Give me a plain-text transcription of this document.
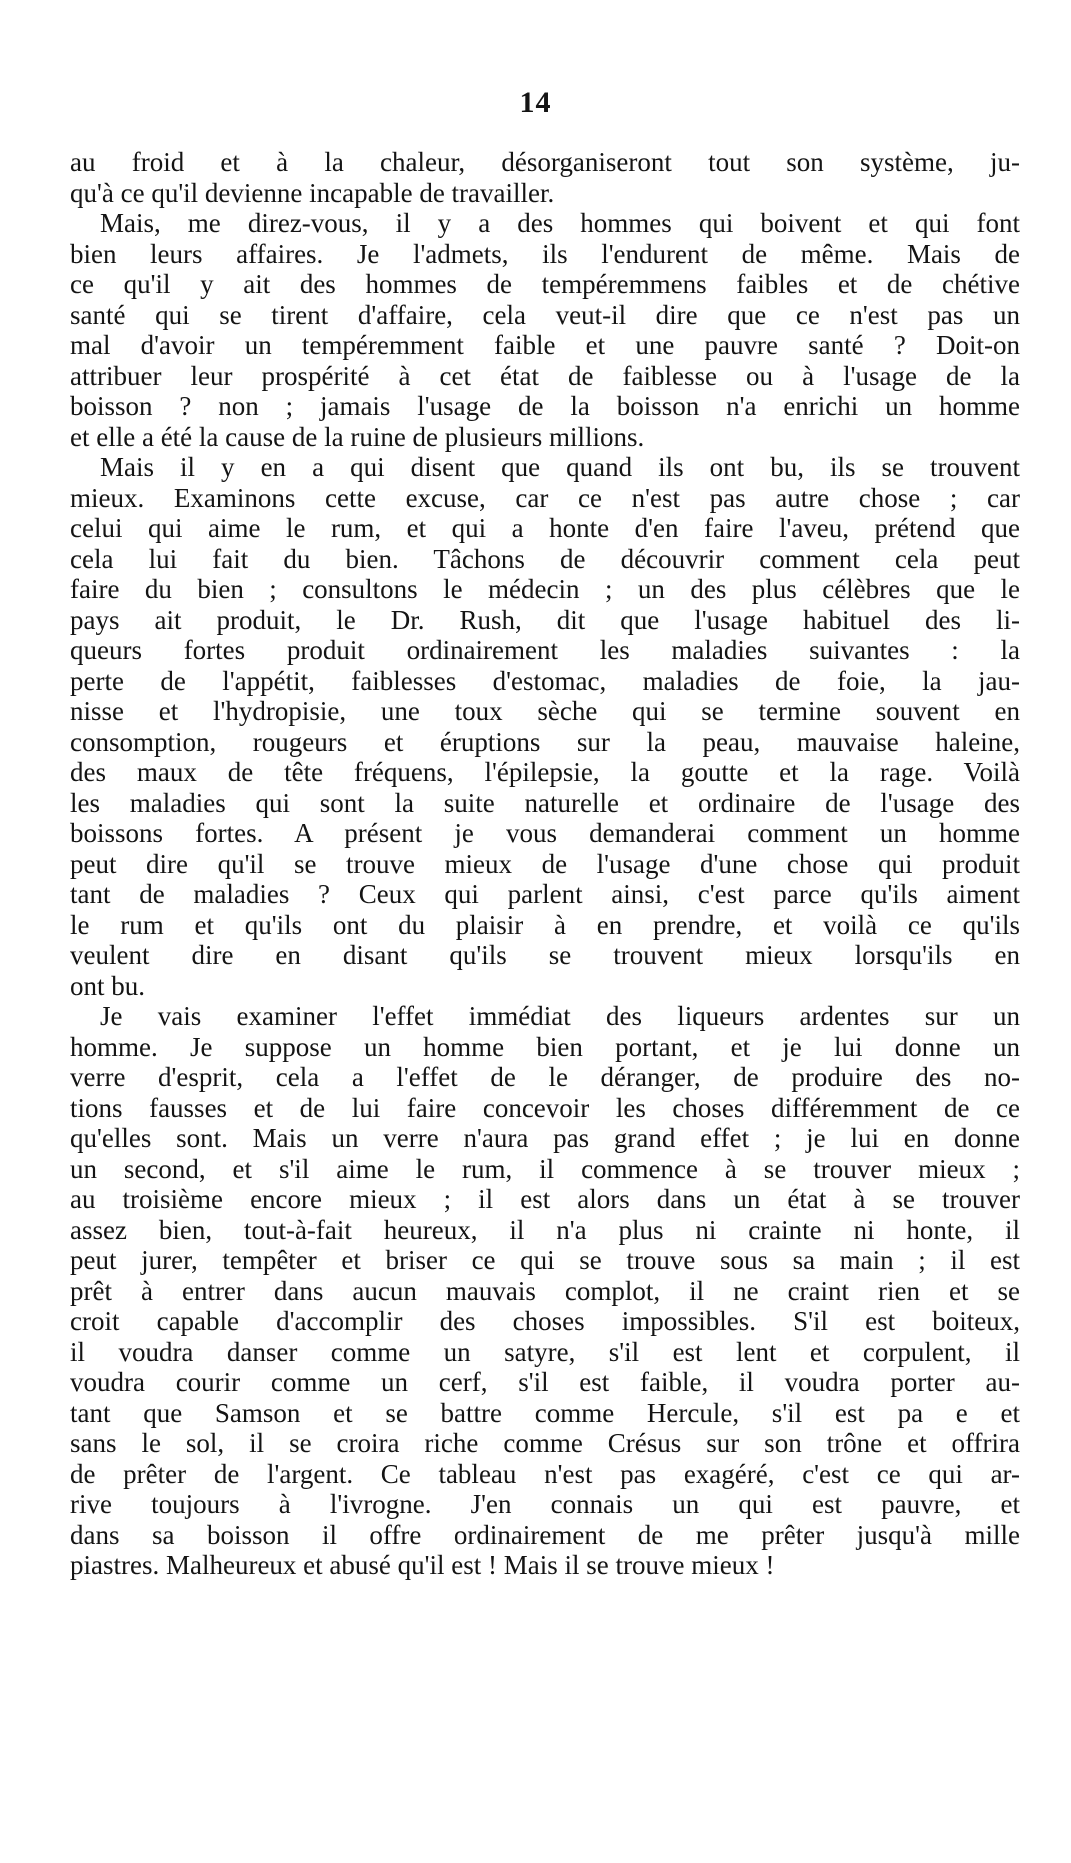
14
au froid et à la chaleur, désorganiseront tout son système, ju-
qu'à ce qu'il devienne incapable de travailler.
Mais, me direz-vous, il y a des hommes qui boivent et qui font
bien leurs affaires. Je l'admets, ils l'endurent de même. Mais de
ce qu'il y ait des hommes de tempéremmens faibles et de chétive
santé qui se tirent d'affaire, cela veut-il dire que ce n'est pas un
mal d'avoir un tempéremment faible et une pauvre santé ? Doit-on
attribuer leur prospérité à cet état de faiblesse ou à l'usage de la
boisson ? non ; jamais l'usage de la boisson n'a enrichi un homme
et elle a été la cause de la ruine de plusieurs millions.
Mais il y en a qui disent que quand ils ont bu, ils se trouvent
mieux. Examinons cette excuse, car ce n'est pas autre chose ; car
celui qui aime le rum, et qui a honte d'en faire l'aveu, prétend que
cela lui fait du bien. Tâchons de découvrir comment cela peut
faire du bien ; consultons le médecin ; un des plus célèbres que le
pays ait produit, le Dr. Rush, dit que l'usage habituel des li-
queurs fortes produit ordinairement les maladies suivantes : la
perte de l'appétit, faiblesses d'estomac, maladies de foie, la jau-
nisse et l'hydropisie, une toux sèche qui se termine souvent en
consomption, rougeurs et éruptions sur la peau, mauvaise haleine,
des maux de tête fréquens, l'épilepsie, la goutte et la rage. Voilà
les maladies qui sont la suite naturelle et ordinaire de l'usage des
boissons fortes. A présent je vous demanderai comment un homme
peut dire qu'il se trouve mieux de l'usage d'une chose qui produit
tant de maladies ? Ceux qui parlent ainsi, c'est parce qu'ils aiment
le rum et qu'ils ont du plaisir à en prendre, et voilà ce qu'ils
veulent dire en disant qu'ils se trouvent mieux lorsqu'ils en
ont bu.
Je vais examiner l'effet immédiat des liqueurs ardentes sur un
homme. Je suppose un homme bien portant, et je lui donne un
verre d'esprit, cela a l'effet de le déranger, de produire des no-
tions fausses et de lui faire concevoir les choses différemment de ce
qu'elles sont. Mais un verre n'aura pas grand effet ; je lui en donne
un second, et s'il aime le rum, il commence à se trouver mieux ;
au troisième encore mieux ; il est alors dans un état à se trouver
assez bien, tout-à-fait heureux, il n'a plus ni crainte ni honte, il
peut jurer, tempêter et briser ce qui se trouve sous sa main ; il est
prêt à entrer dans aucun mauvais complot, il ne craint rien et se
croit capable d'accomplir des choses impossibles. S'il est boiteux,
il voudra danser comme un satyre, s'il est lent et corpulent, il
voudra courir comme un cerf, s'il est faible, il voudra porter au-
tant que Samson et se battre comme Hercule, s'il est pa e et
sans le sol, il se croira riche comme Crésus sur son trône et offrira
de prêter de l'argent. Ce tableau n'est pas exagéré, c'est ce qui ar-
rive toujours à l'ivrogne. J'en connais un qui est pauvre, et
dans sa boisson il offre ordinairement de me prêter jusqu'à mille
piastres. Malheureux et abusé qu'il est ! Mais il se trouve mieux !
